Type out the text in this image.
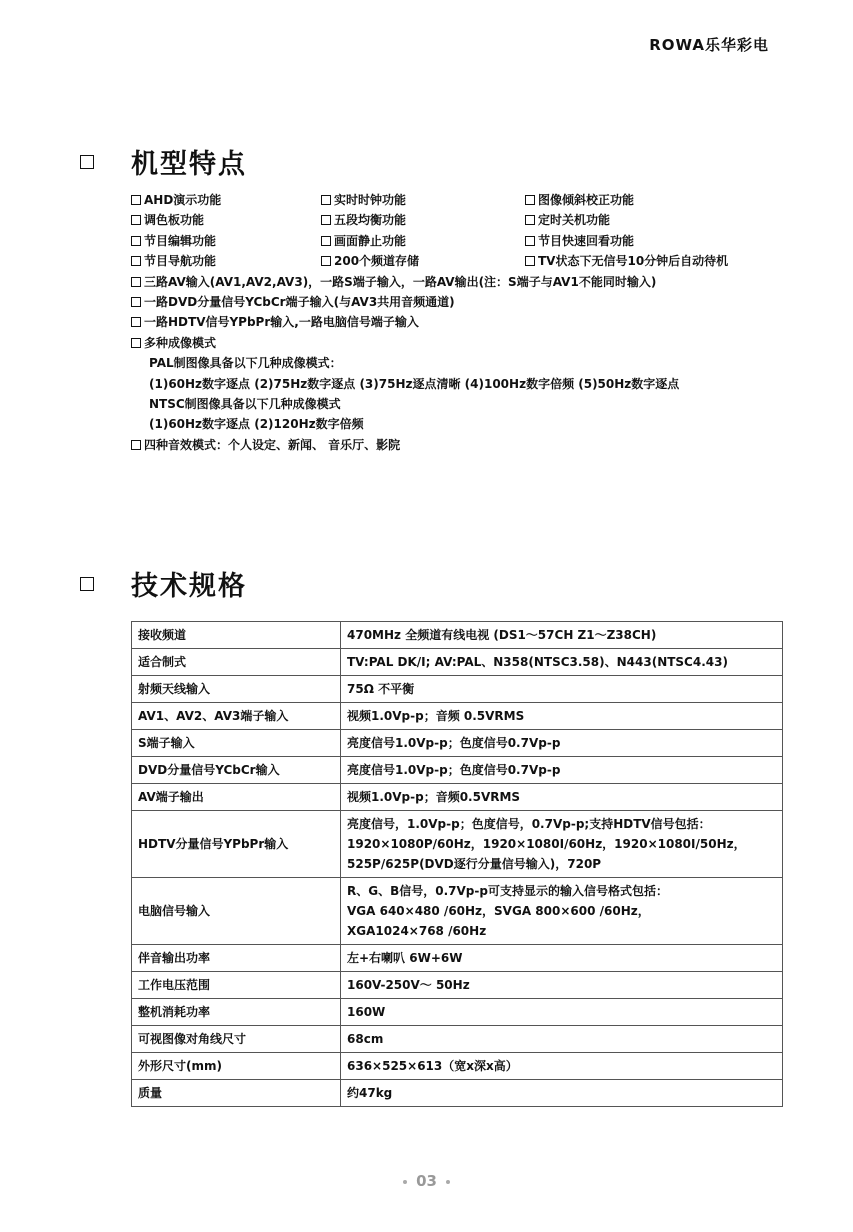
RОWA乐华彩电
机型特点
AHD演示功能	实时时钟功能	图像倾斜校正功能
调色板功能	五段均衡功能	定时关机功能
节目编辑功能	画面静止功能	节目快速回看功能
节目导航功能	200个频道存储	TV状态下无信号10分钟后自动待机
三路AV输入(AV1,AV2,AV3)，一路S端子输入，一路AV输出(注：S端子与AV1不能同时输入)
一路DVD分量信号YCbCr端子输入(与AV3共用音频通道)
一路HDTV信号YPbPr输入,一路电脑信号端子输入
多种成像模式
PAL制图像具备以下几种成像模式：
(1)60Hz数字逐点 (2)75Hz数字逐点 (3)75Hz逐点清晰 (4)100Hz数字倍频 (5)50Hz数字逐点
NTSC制图像具备以下几种成像模式
(1)60Hz数字逐点 (2)120Hz数字倍频
四种音效模式：个人设定、新闻、 音乐厅、影院
技术规格
接收频道	470MHz 全频道有线电视 (DS1～57CH Z1～Z38CH)

适合制式	TV:PAL DK/I; AV:PAL、N358(NTSC3.58)、N443(NTSC4.43)

射频天线输入	75Ω 不平衡

AV1、AV2、AV3端子输入	视频1.0Vp-p；音频 0.5VRMS

S端子输入	亮度信号1.0Vp-p；色度信号0.7Vp-p

DVD分量信号YCbCr输入	亮度信号1.0Vp-p；色度信号0.7Vp-p

AV端子输出	视频1.0Vp-p；音频0.5VRMS

HDTV分量信号YPbPr输入	亮度信号，1.0Vp-p；色度信号，0.7Vp-p;支持HDTV信号包括：
1920×1080P/60Hz，1920×1080I/60Hz，1920×1080I/50Hz，
525P/625P(DVD逐行分量信号输入)，720P

电脑信号输入	R、G、B信号，0.7Vp-p可支持显示的输入信号格式包括：
VGA 640×480 /60Hz，SVGA 800×600 /60Hz，
XGA1024×768 /60Hz

伴音输出功率	左+右喇叭 6W+6W

工作电压范围	160V-250V～ 50Hz

整机消耗功率	160W

可视图像对角线尺寸	68cm

外形尺寸(mm)	636×525×613（宽x深x高）

质量	约47kg
03
